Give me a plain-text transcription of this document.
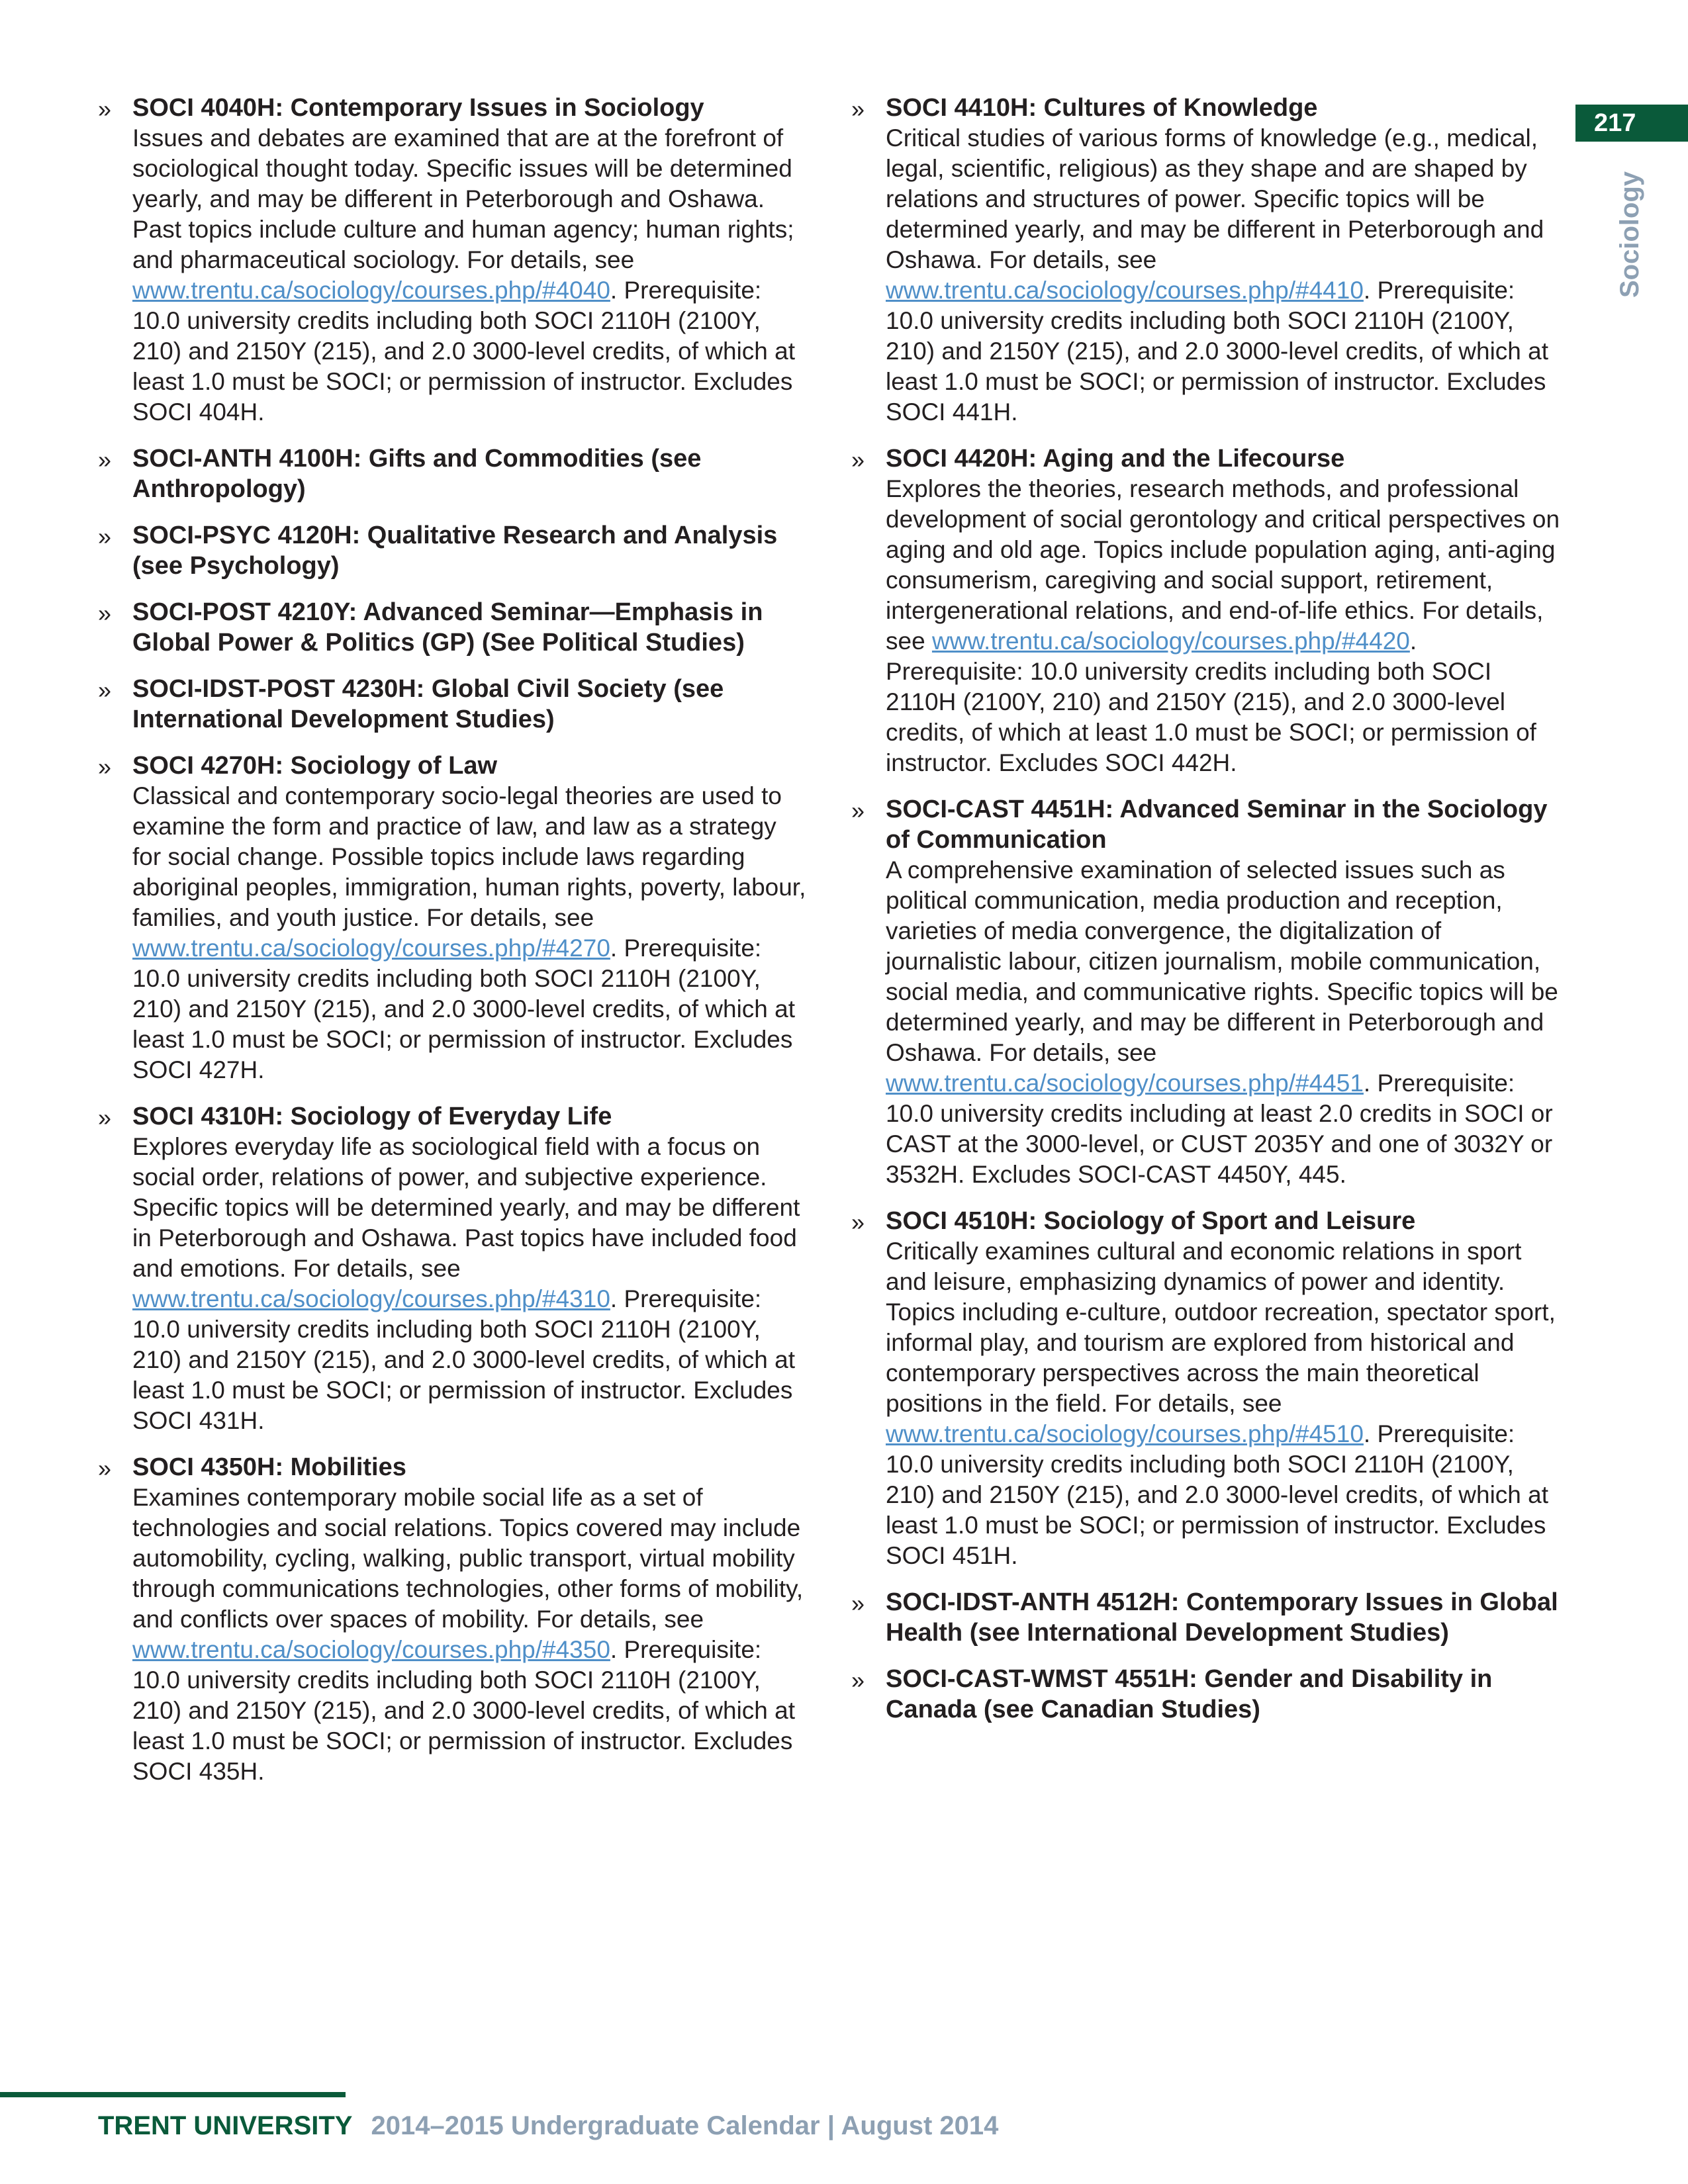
217
Sociology
» SOCI 4040H: Contemporary Issues in Sociology
Issues and debates are examined that are at the forefront of sociological thought today. Specific issues will be determined yearly, and may be different in Peterborough and Oshawa. Past topics include culture and human agency; human rights; and pharmaceutical sociology. For details, see www.trentu.ca/sociology/courses.php/#4040. Prerequisite: 10.0 university credits including both SOCI 2110H (2100Y, 210) and 2150Y (215), and 2.0 3000-level credits, of which at least 1.0 must be SOCI; or permission of instructor. Excludes SOCI 404H.
» SOCI-ANTH 4100H: Gifts and Commodities (see Anthropology)
» SOCI-PSYC 4120H: Qualitative Research and Analysis (see Psychology)
» SOCI-POST 4210Y: Advanced Seminar—Emphasis in Global Power & Politics (GP) (See Political Studies)
» SOCI-IDST-POST 4230H: Global Civil Society (see International Development Studies)
» SOCI 4270H: Sociology of Law
Classical and contemporary socio-legal theories are used to examine the form and practice of law, and law as a strategy for social change. Possible topics include laws regarding aboriginal peoples, immigration, human rights, poverty, labour, families, and youth justice. For details, see www.trentu.ca/sociology/courses.php/#4270. Prerequisite: 10.0 university credits including both SOCI 2110H (2100Y, 210) and 2150Y (215), and 2.0 3000-level credits, of which at least 1.0 must be SOCI; or permission of instructor. Excludes SOCI 427H.
» SOCI 4310H: Sociology of Everyday Life
Explores everyday life as sociological field with a focus on social order, relations of power, and subjective experience. Specific topics will be determined yearly, and may be different in Peterborough and Oshawa. Past topics have included food and emotions. For details, see www.trentu.ca/sociology/courses.php/#4310. Prerequisite: 10.0 university credits including both SOCI 2110H (2100Y, 210) and 2150Y (215), and 2.0 3000-level credits, of which at least 1.0 must be SOCI; or permission of instructor. Excludes SOCI 431H.
» SOCI 4350H: Mobilities
Examines contemporary mobile social life as a set of technologies and social relations. Topics covered may include automobility, cycling, walking, public transport, virtual mobility through communications technologies, other forms of mobility, and conflicts over spaces of mobility. For details, see www.trentu.ca/sociology/courses.php/#4350. Prerequisite: 10.0 university credits including both SOCI 2110H (2100Y, 210) and 2150Y (215), and 2.0 3000-level credits, of which at least 1.0 must be SOCI; or permission of instructor. Excludes SOCI 435H.
» SOCI 4410H: Cultures of Knowledge
Critical studies of various forms of knowledge (e.g., medical, legal, scientific, religious) as they shape and are shaped by relations and structures of power. Specific topics will be determined yearly, and may be different in Peterborough and Oshawa. For details, see www.trentu.ca/sociology/courses.php/#4410. Prerequisite: 10.0 university credits including both SOCI 2110H (2100Y, 210) and 2150Y (215), and 2.0 3000-level credits, of which at least 1.0 must be SOCI; or permission of instructor. Excludes SOCI 441H.
» SOCI 4420H: Aging and the Lifecourse
Explores the theories, research methods, and professional development of social gerontology and critical perspectives on aging and old age. Topics include population aging, anti-aging consumerism, caregiving and social support, retirement, intergenerational relations, and end-of-life ethics. For details, see www.trentu.ca/sociology/courses.php/#4420. Prerequisite: 10.0 university credits including both SOCI 2110H (2100Y, 210) and 2150Y (215), and 2.0 3000-level credits, of which at least 1.0 must be SOCI; or permission of instructor. Excludes SOCI 442H.
» SOCI-CAST 4451H: Advanced Seminar in the Sociology of Communication
A comprehensive examination of selected issues such as political communication, media production and reception, varieties of media convergence, the digitalization of journalistic labour, citizen journalism, mobile communication, social media, and communicative rights. Specific topics will be determined yearly, and may be different in Peterborough and Oshawa. For details, see www.trentu.ca/sociology/courses.php/#4451. Prerequisite: 10.0 university credits including at least 2.0 credits in SOCI or CAST at the 3000-level, or CUST 2035Y and one of 3032Y or 3532H. Excludes SOCI-CAST 4450Y, 445.
» SOCI 4510H: Sociology of Sport and Leisure
Critically examines cultural and economic relations in sport and leisure, emphasizing dynamics of power and identity. Topics including e-culture, outdoor recreation, spectator sport, informal play, and tourism are explored from historical and contemporary perspectives across the main theoretical positions in the field. For details, see www.trentu.ca/sociology/courses.php/#4510. Prerequisite: 10.0 university credits including both SOCI 2110H (2100Y, 210) and 2150Y (215), and 2.0 3000-level credits, of which at least 1.0 must be SOCI; or permission of instructor. Excludes SOCI 451H.
» SOCI-IDST-ANTH 4512H: Contemporary Issues in Global Health (see International Development Studies)
» SOCI-CAST-WMST 4551H: Gender and Disability in Canada (see Canadian Studies)
TRENT UNIVERSITY 2014–2015 Undergraduate Calendar | August 2014
